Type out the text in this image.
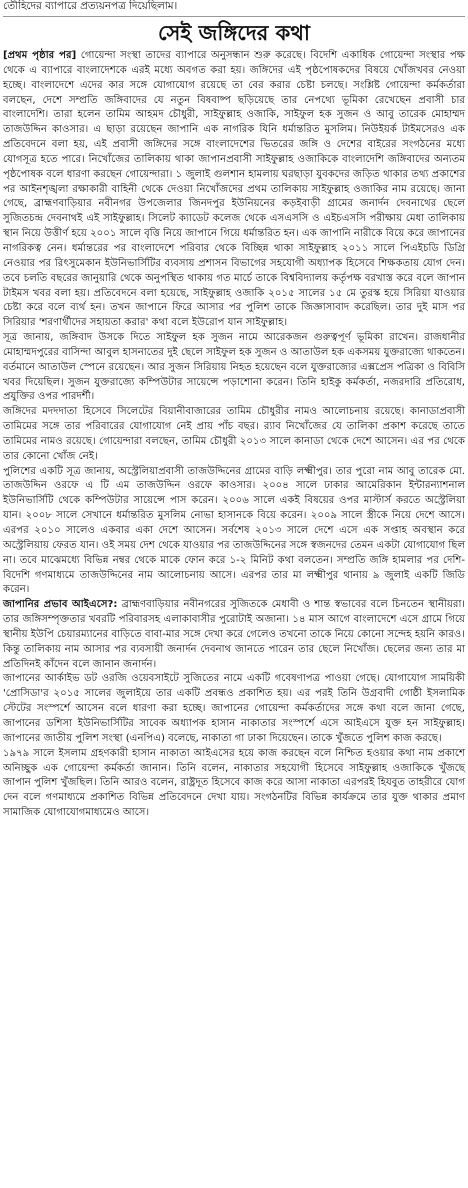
তৌহিদের ব্যাপারে প্রত্যয়নপত্র দিয়েছিলাম।
সেই জঙ্গিদের কথা

[প্রথম পৃষ্ঠার পর] গোয়েন্দা সংস্থা তাদের ব্যাপারে অনুসন্ধান শুরু করেছে। বিদেশি একাধিক গোয়েন্দা সংস্থার পক্ষ থেকে এ ব্যাপারে বাংলাদেশকে এরই মধ্যে অবগত করা হয়। জঙ্গিদের এই পৃষ্ঠপোষকদের বিষয়ে খোঁজখবর নেওয়া হচ্ছে। বাংলাদেশে এদের কার সঙ্গে যোগাযোগ রয়েছে তা বের করার চেষ্টা চলছে। সংশ্লিষ্ট গোয়েন্দা কর্মকর্তারা বলছেন, দেশে সম্প্রতি জঙ্গিবাদের যে নতুন বিষবাষ্প ছড়িয়েছে তার নেপথ্যে ভূমিকা রেখেছেন প্রবাসী চার বাংলাদেশি। তারা হলেন তামিম আহমদ চৌধুরী, সাইফুল্লাহ ওজাকি, সাইফুল হক সুজন ও আবু তারেক মোহাম্মদ তাজউদ্দিন কাওসার। এ ছাড়া রয়েছেন জাপানি এক নাগরিক যিনি ধর্মান্তরিত মুসলিম। নিউইয়র্ক টাইমসেরও এক প্রতিবেদনে বলা হয়, এই প্রবাসী জঙ্গিদের সঙ্গে বাংলাদেশের ভিতরের জঙ্গি ও দেশের বাইরের সংগঠনের মধ্যে যোগসূত্র হতে পারে। নিখোঁজের তালিকায় থাকা জাপানপ্রবাসী সাইফুল্লাহ ওজাকিকে বাংলাদেশি জঙ্গিবাদের অন্যতম পৃষ্ঠপোষক বলে ধারণা করছেন গোয়েন্দারা। ১ জুলাই গুলশান হামলায় ঘরছাড়া যুবকদের জড়িত থাকার তথ্য প্রকাশের পর আইনশৃঙ্খলা রক্ষাকারী বাহিনী থেকে দেওয়া নিখোঁজদের প্রথম তালিকায় সাইফুল্লাহ ওজাকির নাম রয়েছে। জানা গেছে, ব্রাহ্মণবাড়িয়ার নবীনগর উপজেলার জিনদপুর ইউনিয়নের কড়ইবাড়ী গ্রামের জনার্দন দেবনাথের ছেলে সুজিতচন্দ্র দেবনাথই এই সাইফুল্লাহ। সিলেট ক্যাডেট কলেজ থেকে এসএসসি ও এইচএসসি পরীক্ষায় মেধা তালিকায় স্থান নিয়ে উত্তীর্ণ হয়ে ২০০১ সালে বৃত্তি নিয়ে জাপানে গিয়ে ধর্মান্তরিত হন। এক জাপানি নারীকে বিয়ে করে জাপানের নাগরিকত্ব নেন। ধর্মান্তরের পর বাংলাদেশে পরিবার থেকে বিচ্ছিন্ন থাকা সাইফুল্লাহ ২০১১ সালে পিএইচডি ডিগ্রি নেওয়ার পর রিৎসুমেকান ইউনিভার্সিটির ব্যবসায় প্রশাসন বিভাগের সহযোগী অধ্যাপক হিসেবে শিক্ষকতায় যোগ দেন। তবে চলতি বছরের জানুয়ারি থেকে অনুপস্থিত থাকায় গত মার্চে তাকে বিশ্ববিদ্যালয় কর্তৃপক্ষ বরখাস্ত করে বলে জাপান টাইমস খবর বলা হয়। প্রতিবেদনে বলা হয়েছে, সাইফুল্লাহ ওজাকি ২০১৫ সালের ১৫ মে তুরস্ক হয়ে সিরিয়া যাওয়ার চেষ্টা করে বলে ব্যর্থ হন। তখন জাপানে ফিরে আসার পর পুলিশ তাকে জিজ্ঞাসাবাদ করেছিল। তার দুই মাস পর সিরিয়ার 'শরণার্থীদের সহায়তা করার' কথা বলে ইউরোপ যান সাইফুল্লাহ।

সূত্র জানায়, জঙ্গিবাদ উসকে দিতে সাইফুল হক সুজন নামে আরেকজন গুরুত্বপূর্ণ ভূমিকা রাখেন। রাজধানীর মোহাম্মদপুরের বাসিন্দা আবুল হাসনাতের দুই ছেলে সাইফুল হক সুজন ও আতাউল হক একসময় যুক্তরাজ্যে থাকতেন। বর্তমানে আতাউল স্পেনে রয়েছেন। আর সুজন সিরিয়ায় নিহত হয়েছেন বলে যুক্তরাজ্যের এক্সপ্রেস পত্রিকা ও বিবিসি খবর দিয়েছিল। সুজন যুক্তরাজ্যে কম্পিউটার সায়েন্সে পড়াশোনা করেন। তিনি হাইকু কর্মকর্তা, নজরদারি প্রতিরোধ, প্রযুক্তির ওপর পারদর্শী।

জঙ্গিদের মদদদাতা হিসেবে সিলেটের বিয়ানীবাজারের তামিম চৌধুরীর নামও আলোচনায় রয়েছে। কানাডাপ্রবাসী তামিমের সঙ্গে তার পরিবারের যোগাযোগ নেই প্রায় পাঁচ বছর। র‍্যাব নিখোঁজের যে তালিকা প্রকাশ করেছে তাতে তামিমের নামও রয়েছে। গোয়েন্দারা বলছেন, তামিম চৌধুরী ২০১৩ সালে কানাডা থেকে দেশে আসেন। এর পর থেকে তার কোনো খোঁজ নেই।

পুলিশের একটি সূত্র জানায়, অস্ট্রেলিয়াপ্রবাসী তাজউদ্দিনের গ্রামের বাড়ি লক্ষ্মীপুর। তার পুরো নাম আবু তারেক মো. তাজউদ্দিন ওরফে এ টি এম তাজউদ্দিন ওরফে কাওসার। ২০০৪ সালে ঢাকার আমেরিকান ইন্টারন্যাশনাল ইউনিভার্সিটি থেকে কম্পিউটার সায়েন্সে পাস করেন। ২০০৬ সালে একই বিষয়ের ওপর মাস্টার্স করতে অস্ট্রেলিয়া যান। ২০০৮ সালে সেখানে ধর্মান্তরিত মুসলিম নোভা হাসানকে বিয়ে করেন। ২০০৯ সালে স্ত্রীকে নিয়ে দেশে আসে। এরপর ২০১০ সালেও একবার একা দেশে আসেন। সর্বশেষ ২০১৩ সালে দেশে এসে এক সপ্তাহ অবস্থান করে অস্ট্রেলিয়ায় ফেরত যান। ওই সময় দেশ থেকে যাওয়ার পর তাজউদ্দিনের সঙ্গে স্বজনদের তেমন একটা যোগাযোগ ছিল না। তবে মাঝেমধ্যে বিভিন্ন নম্বর থেকে মাকে ফোন করে ১-২ মিনিট কথা বলতেন। সম্প্রতি জঙ্গি হামলার পর দেশি-বিদেশি গণমাধ্যমে তাজউদ্দিনের নাম আলোচনায় আসে। এরপর তার মা লক্ষ্মীপুর থানায় ৯ জুলাই একটি জিডি করেন।

জাপানির প্রভাব আইএসে?: ব্রাহ্মণবাড়িয়ার নবীনগরের সুজিতকে মেধাবী ও শান্ত স্বভাবের বলে চিনতেন স্থানীয়রা। তার জঙ্গিসম্পৃক্ততার খবরটি পরিবারসহ এলাকাবাসীর পুরোটাই অজানা। ১৪ মাস আগে বাংলাদেশে এসে গ্রামে গিয়ে স্থানীয় ইউপি চেয়ারম্যানের বাড়িতে বাবা-মার সঙ্গে দেখা করে গেলেও তখনো তাকে নিয়ে কোনো সন্দেহ হয়নি কারও। কিন্তু তালিকায় নাম আসার পর ব্যবসায়ী জনার্দন দেবনাথ জানতে পারেন তার ছেলে নিখোঁজ। ছেলের জন্য তার মা প্রতিদিনই কাঁদেন বলে জানান জনার্দন।

জাপানের আর্কাইভ ডট ওরজি ওয়েবসাইটে সুজিতের নামে একটি গবেষণাপত্র পাওয়া গেছে। যোগাযোগ সাময়িকী 'প্রোসিডা'র ২০১৫ সালের জুলাইয়ে তার একটি প্রবন্ধও প্রকাশিত হয়। এর পরই তিনি উগ্রবাদী গোষ্ঠী ইসলামিক স্টেটের সংস্পর্শে আসেন বলে ধারণা করা হচ্ছে। জাপানের গোয়েন্দা কর্মকর্তাদের সঙ্গে কথা বলে জানা গেছে, জাপানের ডশিসা ইউনিভার্সিটির সাবেক অধ্যাপক হাসান নাকাতার সংস্পর্শে এসে আইএসে যুক্ত হন সাইফুল্লাহ। জাপানের জাতীয় পুলিশ সংস্থা (এনপিএ) বলেছে, নাকাতা গা ঢাকা দিয়েছেন। তাকে খুঁজতে পুলিশ কাজ করছে।

১৯৭৯ সালে ইসলাম গ্রহণকারী হাসান নাকাতা আইএসের হয়ে কাজ করছেন বলে নিশ্চিত হওয়ার কথা নাম প্রকাশে অনিচ্ছুক এক গোয়েন্দা কর্মকর্তা জানান। তিনি বলেন, নাকাতার সহযোগী হিসেবে সাইফুল্লাহ ওজাকিকে খুঁজছে জাপান পুলিশ খুঁজছিল। তিনি আরও বলেন, রাষ্ট্রদূত হিসেবে কাজ করে আসা নাকাতা এরপরই হিযবুত তাহরীরে যোগ দেন বলে গণমাধ্যমে প্রকাশিত বিভিন্ন প্রতিবেদনে দেখা যায়। সংগঠনটির বিভিন্ন কার্যক্রমে তার যুক্ত থাকার প্রমাণ সামাজিক যোগাযোগমাধ্যমেও আসে।
